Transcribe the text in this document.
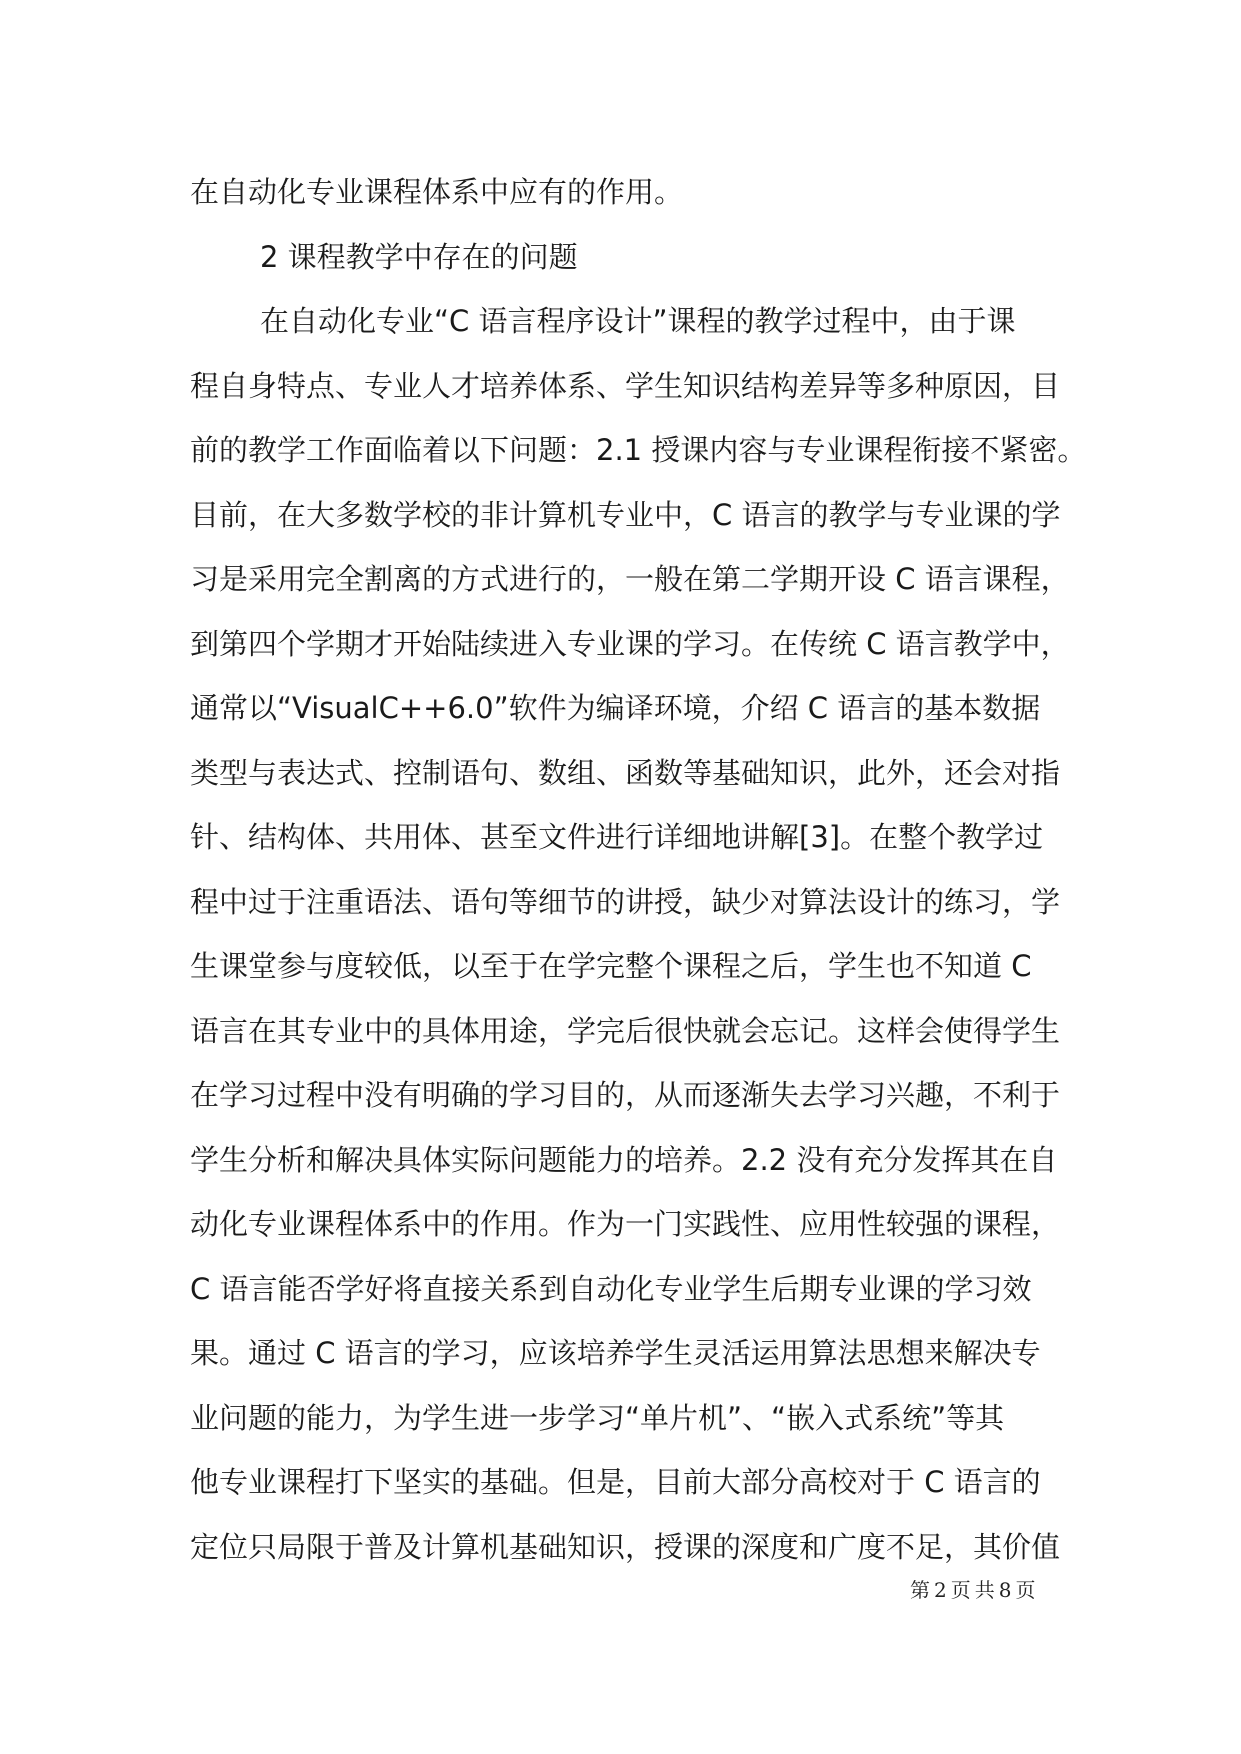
在自动化专业课程体系中应有的作用。
2 课程教学中存在的问题
在自动化专业“C 语言程序设计”课程的教学过程中，由于课
程自身特点、专业人才培养体系、学生知识结构差异等多种原因，目
前的教学工作面临着以下问题：2.1 授课内容与专业课程衔接不紧密。
目前，在大多数学校的非计算机专业中，C 语言的教学与专业课的学
习是采用完全割离的方式进行的，一般在第二学期开设 C 语言课程，
到第四个学期才开始陆续进入专业课的学习。在传统 C 语言教学中，
通常以“VisualC++6.0”软件为编译环境，介绍 C 语言的基本数据
类型与表达式、控制语句、数组、函数等基础知识，此外，还会对指
针、结构体、共用体、甚至文件进行详细地讲解[3]。在整个教学过
程中过于注重语法、语句等细节的讲授，缺少对算法设计的练习，学
生课堂参与度较低，以至于在学完整个课程之后，学生也不知道 C
语言在其专业中的具体用途，学完后很快就会忘记。这样会使得学生
在学习过程中没有明确的学习目的，从而逐渐失去学习兴趣，不利于
学生分析和解决具体实际问题能力的培养。2.2 没有充分发挥其在自
动化专业课程体系中的作用。作为一门实践性、应用性较强的课程，
C 语言能否学好将直接关系到自动化专业学生后期专业课的学习效
果。通过 C 语言的学习，应该培养学生灵活运用算法思想来解决专
业问题的能力，为学生进一步学习“单片机”、“嵌入式系统”等其
他专业课程打下坚实的基础。但是，目前大部分高校对于 C 语言的
定位只局限于普及计算机基础知识，授课的深度和广度不足，其价值
第 2 页 共 8 页
